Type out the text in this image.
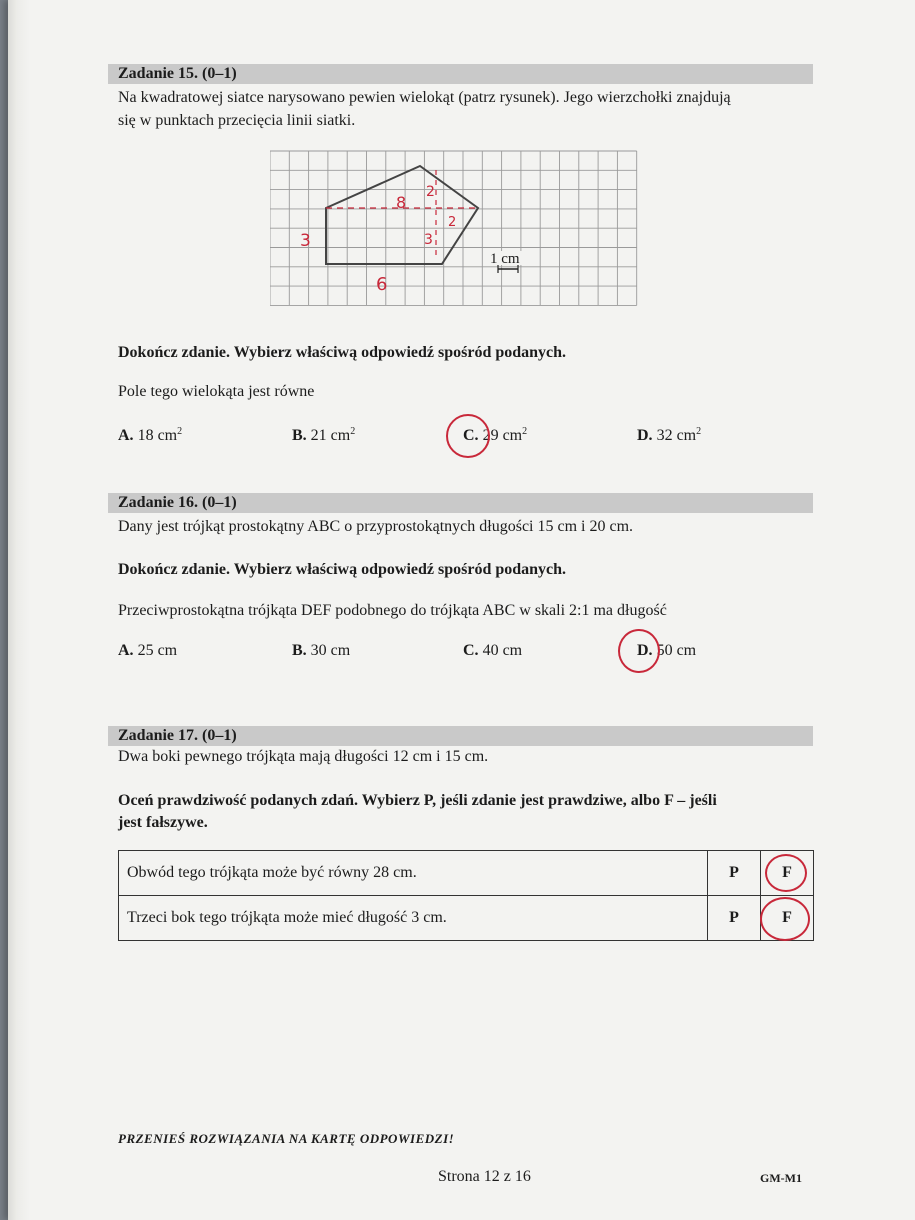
Zadanie 15. (0–1)
Na kwadratowej siatce narysowano pewien wielokąt (patrz rysunek). Jego wierzchołki znajdują
się w punktach przecięcia linii siatki.
8
2
2
3	3
6
1 cm
Dokończ zdanie. Wybierz właściwą odpowiedź spośród podanych.
Pole tego wielokąta jest równe
A. 18 $cm^2$	B. 21 $cm^2$	C. 29 $cm^2$	D. 32 $cm^2$
Zadanie 16. (0–1)
Dany jest trójkąt prostokątny ABC o przyprostokątnych długości 15 cm i 20 cm.
Dokończ zdanie. Wybierz właściwą odpowiedź spośród podanych.
Przeciwprostokątna trójkąta DEF podobnego do trójkąta ABC w skali 2:1 ma długość
A. 25 cm	B. 30 cm	C. 40 cm	D. 50 cm
Zadanie 17. (0–1)
Dwa boki pewnego trójkąta mają długości 12 cm i 15 cm.
Oceń prawdziwość podanych zdań. Wybierz P, jeśli zdanie jest prawdziwe, albo F – jeśli
jest fałszywe.
Obwód tego trójkąta może być równy 28 cm.	P	F
Trzeci bok tego trójkąta może mieć długość 3 cm.	P	F
PRZENIEŚ ROZWIĄZANIA NA KARTĘ ODPOWIEDZI!
Strona 12 z 16	GM-M1
